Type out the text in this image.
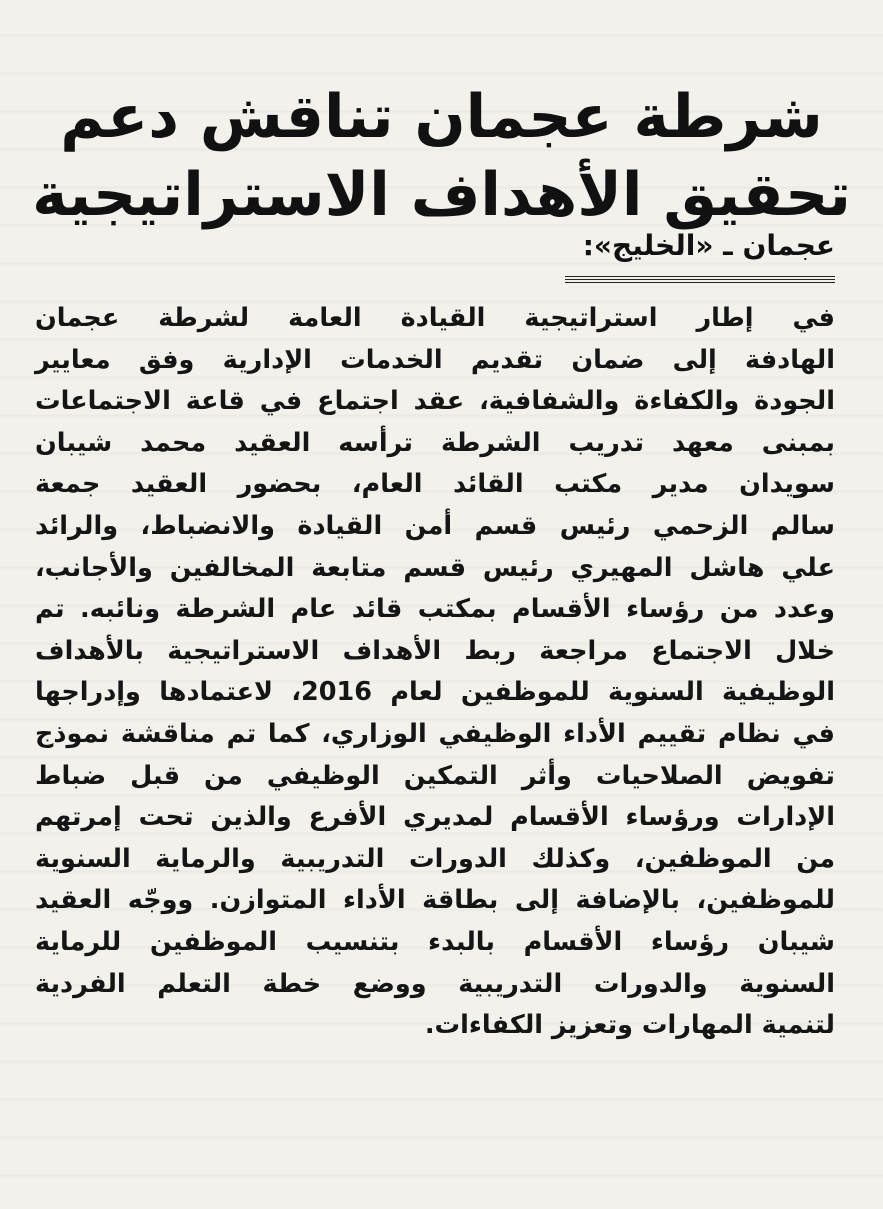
شرطة عجمان تناقش دعم
تحقيق الأهداف الاستراتيجية
عجمان ـ «الخليج»:
في إطار استراتيجية القيادة العامة لشرطة عجمان
الهادفة إلى ضمان تقديم الخدمات الإدارية وفق معايير
الجودة والكفاءة والشفافية، عقد اجتماع في قاعة الاجتماعات
بمبنى معهد تدريب الشرطة ترأسه العقيد محمد شيبان
سويدان مدير مكتب القائد العام، بحضور العقيد جمعة
سالم الزحمي رئيس قسم أمن القيادة والانضباط، والرائد
علي هاشل المهيري رئيس قسم متابعة المخالفين والأجانب،
وعدد من رؤساء الأقسام بمكتب قائد عام الشرطة ونائبه. تم
خلال الاجتماع مراجعة ربط الأهداف الاستراتيجية بالأهداف
الوظيفية السنوية للموظفين لعام 2016، لاعتمادها وإدراجها
في نظام تقييم الأداء الوظيفي الوزاري، كما تم مناقشة نموذج
تفويض الصلاحيات وأثر التمكين الوظيفي من قبل ضباط
الإدارات ورؤساء الأقسام لمديري الأفرع والذين تحت إمرتهم
من الموظفين، وكذلك الدورات التدريبية والرماية السنوية
للموظفين، بالإضافة إلى بطاقة الأداء المتوازن. ووجّه العقيد
شيبان رؤساء الأقسام بالبدء بتنسيب الموظفين للرماية
السنوية والدورات التدريبية ووضع خطة التعلم الفردية
لتنمية المهارات وتعزيز الكفاءات.
